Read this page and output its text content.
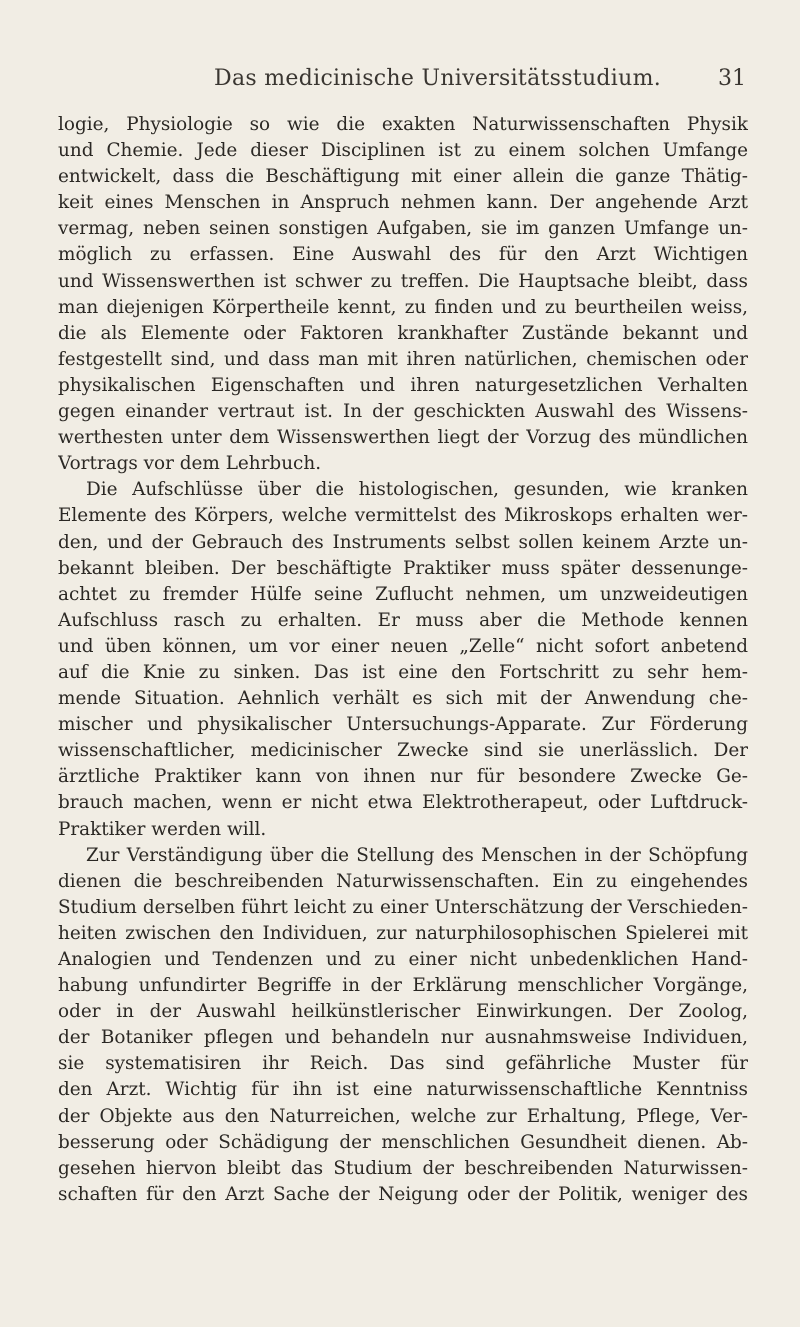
Das medicinische Universitätsstudium.	31
logie, Physiologie so wie die exakten Naturwissenschaften Physik
und Chemie. Jede dieser Disciplinen ist zu einem solchen Umfange
entwickelt, dass die Beschäftigung mit einer allein die ganze Thätig-
keit eines Menschen in Anspruch nehmen kann. Der angehende Arzt
vermag, neben seinen sonstigen Aufgaben, sie im ganzen Umfange un-
möglich zu erfassen. Eine Auswahl des für den Arzt Wichtigen
und Wissenswerthen ist schwer zu treffen. Die Hauptsache bleibt, dass
man diejenigen Körpertheile kennt, zu finden und zu beurtheilen weiss,
die als Elemente oder Faktoren krankhafter Zustände bekannt und
festgestellt sind, und dass man mit ihren natürlichen, chemischen oder
physikalischen Eigenschaften und ihren naturgesetzlichen Verhalten
gegen einander vertraut ist. In der geschickten Auswahl des Wissens-
werthesten unter dem Wissenswerthen liegt der Vorzug des mündlichen
Vortrags vor dem Lehrbuch.
Die Aufschlüsse über die histologischen, gesunden, wie kranken
Elemente des Körpers, welche vermittelst des Mikroskops erhalten wer-
den, und der Gebrauch des Instruments selbst sollen keinem Arzte un-
bekannt bleiben. Der beschäftigte Praktiker muss später dessenunge-
achtet zu fremder Hülfe seine Zuflucht nehmen, um unzweideutigen
Aufschluss rasch zu erhalten. Er muss aber die Methode kennen
und üben können, um vor einer neuen „Zelle“ nicht sofort anbetend
auf die Knie zu sinken. Das ist eine den Fortschritt zu sehr hem-
mende Situation. Aehnlich verhält es sich mit der Anwendung che-
mischer und physikalischer Untersuchungs-Apparate. Zur Förderung
wissenschaftlicher, medicinischer Zwecke sind sie unerlässlich. Der
ärztliche Praktiker kann von ihnen nur für besondere Zwecke Ge-
brauch machen, wenn er nicht etwa Elektrotherapeut, oder Luftdruck-
Praktiker werden will.
Zur Verständigung über die Stellung des Menschen in der Schöpfung
dienen die beschreibenden Naturwissenschaften. Ein zu eingehendes
Studium derselben führt leicht zu einer Unterschätzung der Verschieden-
heiten zwischen den Individuen, zur naturphilosophischen Spielerei mit
Analogien und Tendenzen und zu einer nicht unbedenklichen Hand-
habung unfundirter Begriffe in der Erklärung menschlicher Vorgänge,
oder in der Auswahl heilkünstlerischer Einwirkungen. Der Zoolog,
der Botaniker pflegen und behandeln nur ausnahmsweise Individuen,
sie systematisiren ihr Reich. Das sind gefährliche Muster für
den Arzt. Wichtig für ihn ist eine naturwissenschaftliche Kenntniss
der Objekte aus den Naturreichen, welche zur Erhaltung, Pflege, Ver-
besserung oder Schädigung der menschlichen Gesundheit dienen. Ab-
gesehen hiervon bleibt das Studium der beschreibenden Naturwissen-
schaften für den Arzt Sache der Neigung oder der Politik, weniger des
